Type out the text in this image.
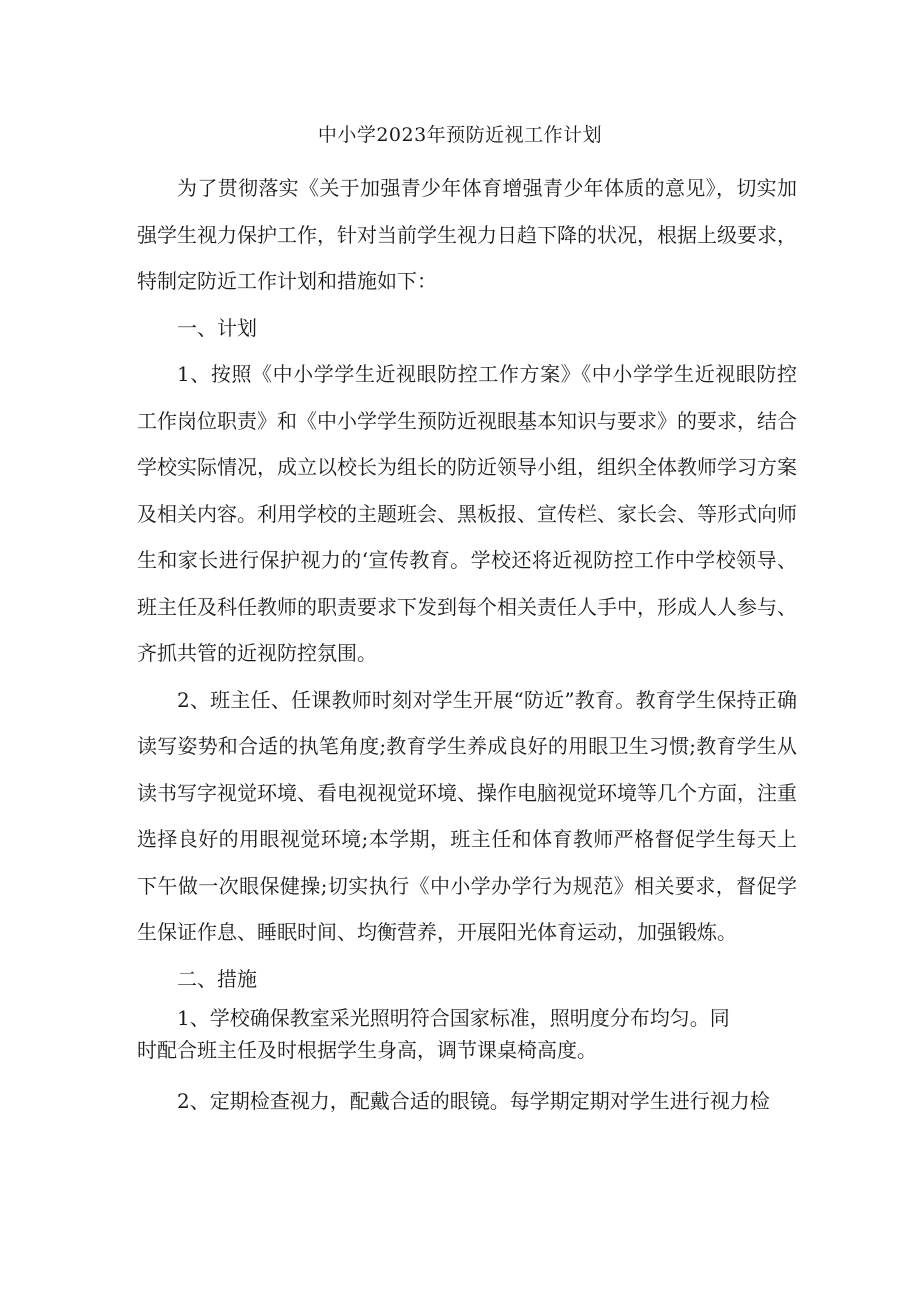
中小学2023年预防近视工作计划

为了贯彻落实《关于加强青少年体育增强青少年体质的意见》，切实加强学生视力保护工作，针对当前学生视力日趋下降的状况，根据上级要求，特制定防近工作计划和措施如下：

一、计划

1、按照《中小学学生近视眼防控工作方案》《中小学学生近视眼防控工作岗位职责》和《中小学学生预防近视眼基本知识与要求》的要求，结合学校实际情况，成立以校长为组长的防近领导小组，组织全体教师学习方案及相关内容。利用学校的主题班会、黑板报、宣传栏、家长会、等形式向师生和家长进行保护视力的‘宣传教育。学校还将近视防控工作中学校领导、班主任及科任教师的职责要求下发到每个相关责任人手中，形成人人参与、齐抓共管的近视防控氛围。

2、班主任、任课教师时刻对学生开展“防近”教育。教育学生保持正确读写姿势和合适的执笔角度;教育学生养成良好的用眼卫生习惯;教育学生从读书写字视觉环境、看电视视觉环境、操作电脑视觉环境等几个方面，注重选择良好的用眼视觉环境;本学期，班主任和体育教师严格督促学生每天上下午做一次眼保健操;切实执行《中小学办学行为规范》相关要求，督促学生保证作息、睡眠时间、均衡营养，开展阳光体育运动，加强锻炼。

二、措施

1、学校确保教室采光照明符合国家标准，照明度分布均匀。同
时配合班主任及时根据学生身高，调节课桌椅高度。

2、定期检查视力，配戴合适的眼镜。每学期定期对学生进行视力检
